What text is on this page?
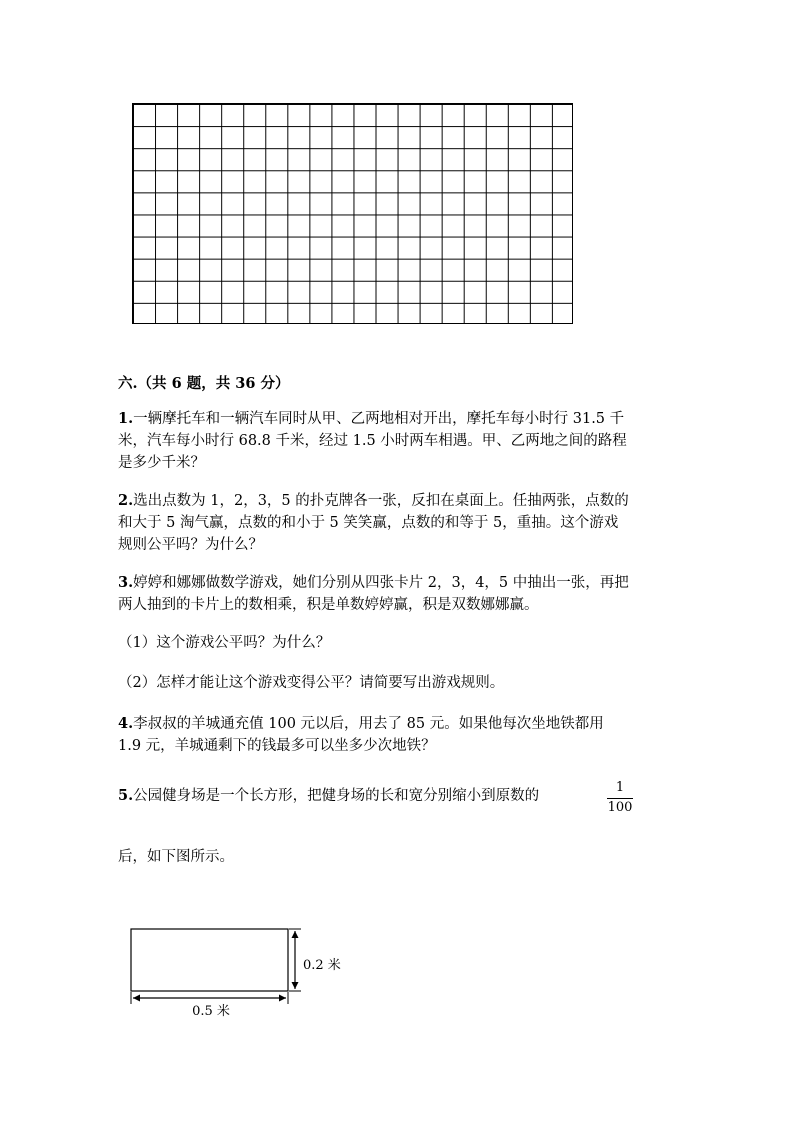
六.（共 6 题，共 36 分）
1.一辆摩托车和一辆汽车同时从甲、乙两地相对开出，摩托车每小时行 31.5 千
米，汽车每小时行 68.8 千米，经过 1.5 小时两车相遇。甲、乙两地之间的路程
是多少千米？
2.选出点数为 1，2，3，5 的扑克牌各一张，反扣在桌面上。任抽两张，点数的
和大于 5 淘气赢，点数的和小于 5 笑笑赢，点数的和等于 5，重抽。这个游戏
规则公平吗？为什么？
3.婷婷和娜娜做数学游戏，她们分别从四张卡片 2，3，4，5 中抽出一张，再把
两人抽到的卡片上的数相乘，积是单数婷婷赢，积是双数娜娜赢。
（1）这个游戏公平吗？为什么？
（2）怎样才能让这个游戏变得公平？请简要写出游戏规则。
4.李叔叔的羊城通充值 100 元以后，用去了 85 元。如果他每次坐地铁都用
1.9 元，羊城通剩下的钱最多可以坐多少次地铁？
5.公园健身场是一个长方形，把健身场的长和宽分别缩小到原数的
1
100
后，如下图所示。
0.5 米
0.2 米
